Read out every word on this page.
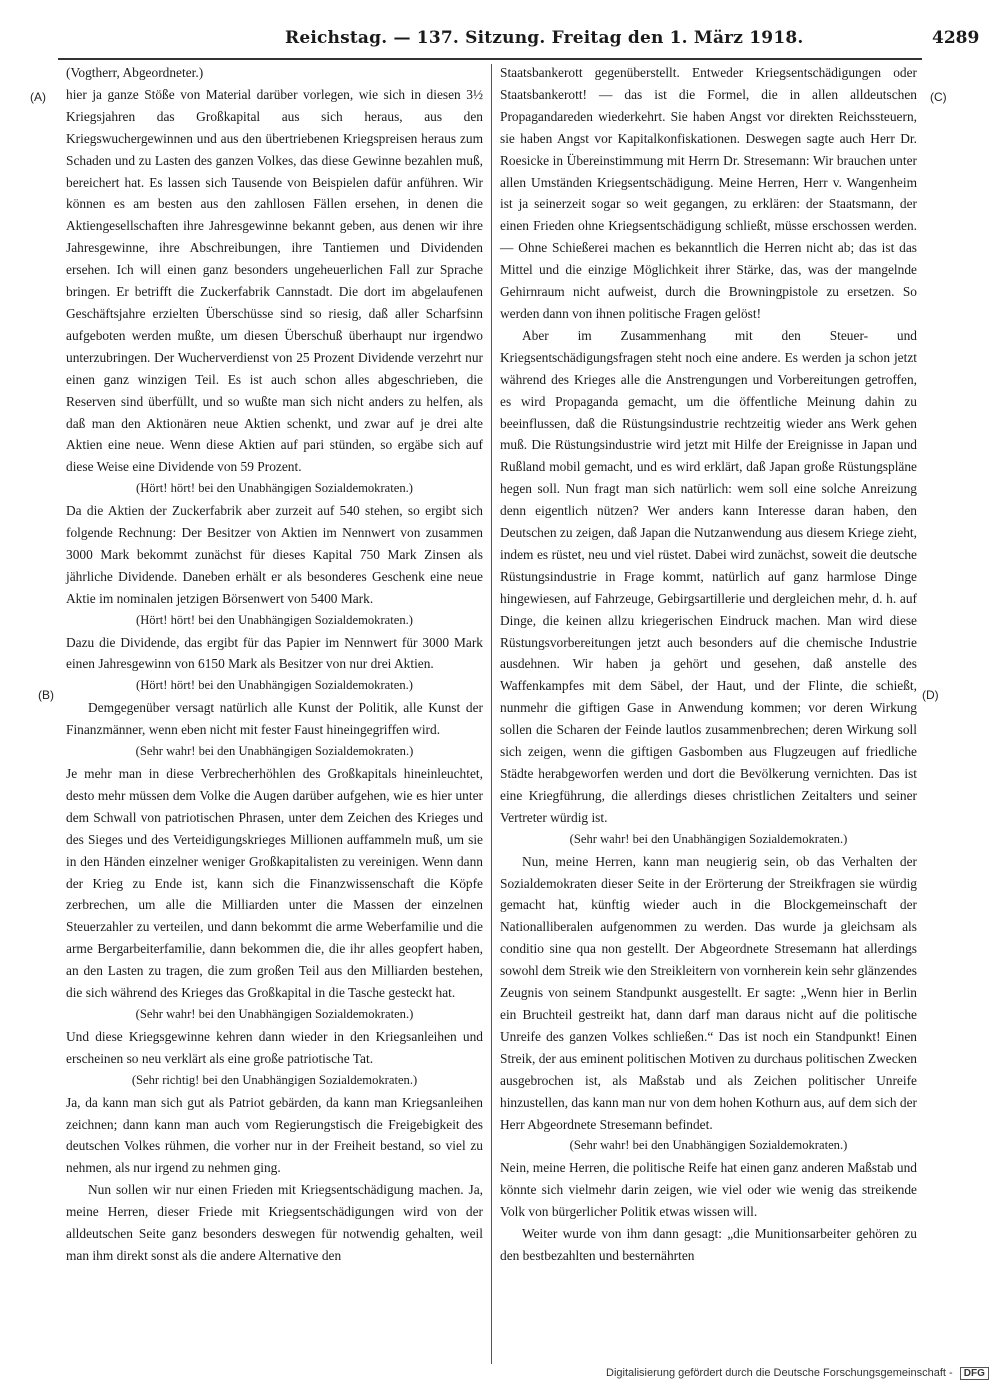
Reichstag. — 137. Sitzung. Freitag den 1. März 1918.	4289
(A)
(B)
(C)
(D)

(Vogtherr, Abgeordneter.)

hier ja ganze Stöße von Material darüber vorlegen, wie sich in diesen 3½ Kriegsjahren das Großkapital aus sich heraus, aus den Kriegswuchergewinnen und aus den übertriebenen Kriegspreisen heraus zum Schaden und zu Lasten des ganzen Volkes, das diese Gewinne bezahlen muß, bereichert hat. Es lassen sich Tausende von Beispielen dafür anführen. Wir können es am besten aus den zahllosen Fällen ersehen, in denen die Aktiengesellschaften ihre Jahresgewinne bekannt geben, aus denen wir ihre Jahresgewinne, ihre Abschreibungen, ihre Tantiemen und Dividenden ersehen. Ich will einen ganz besonders ungeheuerlichen Fall zur Sprache bringen. Er betrifft die Zuckerfabrik Cannstadt. Die dort im abgelaufenen Geschäftsjahre erzielten Überschüsse sind so riesig, daß aller Scharfsinn aufgeboten werden mußte, um diesen Überschuß überhaupt nur irgendwo unterzubringen. Der Wucherverdienst von 25 Prozent Dividende verzehrt nur einen ganz winzigen Teil. Es ist auch schon alles abgeschrieben, die Reserven sind überfüllt, und so wußte man sich nicht anders zu helfen, als daß man den Aktionären neue Aktien schenkt, und zwar auf je drei alte Aktien eine neue. Wenn diese Aktien auf pari stünden, so ergäbe sich auf diese Weise eine Dividende von 59 Prozent.

(Hört! hört! bei den Unabhängigen Sozialdemokraten.)

Da die Aktien der Zuckerfabrik aber zurzeit auf 540 stehen, so ergibt sich folgende Rechnung: Der Besitzer von Aktien im Nennwert von zusammen 3000 Mark bekommt zunächst für dieses Kapital 750 Mark Zinsen als jährliche Dividende. Daneben erhält er als besonderes Geschenk eine neue Aktie im nominalen jetzigen Börsenwert von 5400 Mark.

(Hört! hört! bei den Unabhängigen Sozialdemokraten.)

Dazu die Dividende, das ergibt für das Papier im Nennwert für 3000 Mark einen Jahresgewinn von 6150 Mark als Besitzer von nur drei Aktien.

(Hört! hört! bei den Unabhängigen Sozialdemokraten.)

Demgegenüber versagt natürlich alle Kunst der Politik, alle Kunst der Finanzmänner, wenn eben nicht mit fester Faust hineingegriffen wird.

(Sehr wahr! bei den Unabhängigen Sozialdemokraten.)

Je mehr man in diese Verbrecherhöhlen des Großkapitals hineinleuchtet, desto mehr müssen dem Volke die Augen darüber aufgehen, wie es hier unter dem Schwall von patriotischen Phrasen, unter dem Zeichen des Krieges und des Sieges und des Verteidigungskrieges Millionen auffammeln muß, um sie in den Händen einzelner weniger Großkapitalisten zu vereinigen. Wenn dann der Krieg zu Ende ist, kann sich die Finanzwissenschaft die Köpfe zerbrechen, um alle die Milliarden unter die Massen der einzelnen Steuerzahler zu verteilen, und dann bekommt die arme Weberfamilie und die arme Bergarbeiterfamilie, dann bekommen die, die ihr alles geopfert haben, an den Lasten zu tragen, die zum großen Teil aus den Milliarden bestehen, die sich während des Krieges das Großkapital in die Tasche gesteckt hat.

(Sehr wahr! bei den Unabhängigen Sozialdemokraten.)

Und diese Kriegsgewinne kehren dann wieder in den Kriegsanleihen und erscheinen so neu verklärt als eine große patriotische Tat.

(Sehr richtig! bei den Unabhängigen Sozialdemokraten.)

Ja, da kann man sich gut als Patriot gebärden, da kann man Kriegsanleihen zeichnen; dann kann man auch vom Regierungstisch die Freigebigkeit des deutschen Volkes rühmen, die vorher nur in der Freiheit bestand, so viel zu nehmen, als nur irgend zu nehmen ging.

Nun sollen wir nur einen Frieden mit Kriegsentschädigung machen. Ja, meine Herren, dieser Friede mit Kriegsentschädigungen wird von der alldeutschen Seite ganz besonders deswegen für notwendig gehalten, weil man ihm direkt sonst als die andere Alternative den

Staatsbankerott gegenüberstellt. Entweder Kriegsentschädigungen oder Staatsbankerott! — das ist die Formel, die in allen alldeutschen Propagandareden wiederkehrt. Sie haben Angst vor direkten Reichssteuern, sie haben Angst vor Kapitalkonfiskationen. Deswegen sagte auch Herr Dr. Roesicke in Übereinstimmung mit Herrn Dr. Stresemann: Wir brauchen unter allen Umständen Kriegsentschädigung. Meine Herren, Herr v. Wangenheim ist ja seinerzeit sogar so weit gegangen, zu erklären: der Staatsmann, der einen Frieden ohne Kriegsentschädigung schließt, müsse erschossen werden. — Ohne Schießerei machen es bekanntlich die Herren nicht ab; das ist das Mittel und die einzige Möglichkeit ihrer Stärke, das, was der mangelnde Gehirnraum nicht aufweist, durch die Browningpistole zu ersetzen. So werden dann von ihnen politische Fragen gelöst!

Aber im Zusammenhang mit den Steuer- und Kriegsentschädigungsfragen steht noch eine andere. Es werden ja schon jetzt während des Krieges alle die Anstrengungen und Vorbereitungen getroffen, es wird Propaganda gemacht, um die öffentliche Meinung dahin zu beeinflussen, daß die Rüstungsindustrie rechtzeitig wieder ans Werk gehen muß. Die Rüstungsindustrie wird jetzt mit Hilfe der Ereignisse in Japan und Rußland mobil gemacht, und es wird erklärt, daß Japan große Rüstungspläne hegen soll. Nun fragt man sich natürlich: wem soll eine solche Anreizung denn eigentlich nützen? Wer anders kann Interesse daran haben, den Deutschen zu zeigen, daß Japan die Nutzanwendung aus diesem Kriege zieht, indem es rüstet, neu und viel rüstet. Dabei wird zunächst, soweit die deutsche Rüstungsindustrie in Frage kommt, natürlich auf ganz harmlose Dinge hingewiesen, auf Fahrzeuge, Gebirgsartillerie und dergleichen mehr, d. h. auf Dinge, die keinen allzu kriegerischen Eindruck machen. Man wird diese Rüstungsvorbereitungen jetzt auch besonders auf die chemische Industrie ausdehnen. Wir haben ja gehört und gesehen, daß anstelle des Waffenkampfes mit dem Säbel, der Haut, und der Flinte, die schießt, nunmehr die giftigen Gase in Anwendung kommen; vor deren Wirkung sollen die Scharen der Feinde lautlos zusammenbrechen; deren Wirkung soll sich zeigen, wenn die giftigen Gasbomben aus Flugzeugen auf friedliche Städte herabgeworfen werden und dort die Bevölkerung vernichten. Das ist eine Kriegführung, die allerdings dieses christlichen Zeitalters und seiner Vertreter würdig ist.

(Sehr wahr! bei den Unabhängigen Sozialdemokraten.)

Nun, meine Herren, kann man neugierig sein, ob das Verhalten der Sozialdemokraten dieser Seite in der Erörterung der Streikfragen sie würdig gemacht hat, künftig wieder auch in die Blockgemeinschaft der Nationalliberalen aufgenommen zu werden. Das wurde ja gleichsam als conditio sine qua non gestellt. Der Abgeordnete Stresemann hat allerdings sowohl dem Streik wie den Streikleitern von vornherein kein sehr glänzendes Zeugnis von seinem Standpunkt ausgestellt. Er sagte: „Wenn hier in Berlin ein Bruchteil gestreikt hat, dann darf man daraus nicht auf die politische Unreife des ganzen Volkes schließen.“ Das ist noch ein Standpunkt! Einen Streik, der aus eminent politischen Motiven zu durchaus politischen Zwecken ausgebrochen ist, als Maßstab und als Zeichen politischer Unreife hinzustellen, das kann man nur von dem hohen Kothurn aus, auf dem sich der Herr Abgeordnete Stresemann befindet.

(Sehr wahr! bei den Unabhängigen Sozialdemokraten.)

Nein, meine Herren, die politische Reife hat einen ganz anderen Maßstab und könnte sich vielmehr darin zeigen, wie viel oder wie wenig das streikende Volk von bürgerlicher Politik etwas wissen will.

Weiter wurde von ihm dann gesagt: „die Munitionsarbeiter gehören zu den bestbezahlten und besternährten

Digitalisierung gefördert durch die Deutsche Forschungsgemeinschaft - DFG
